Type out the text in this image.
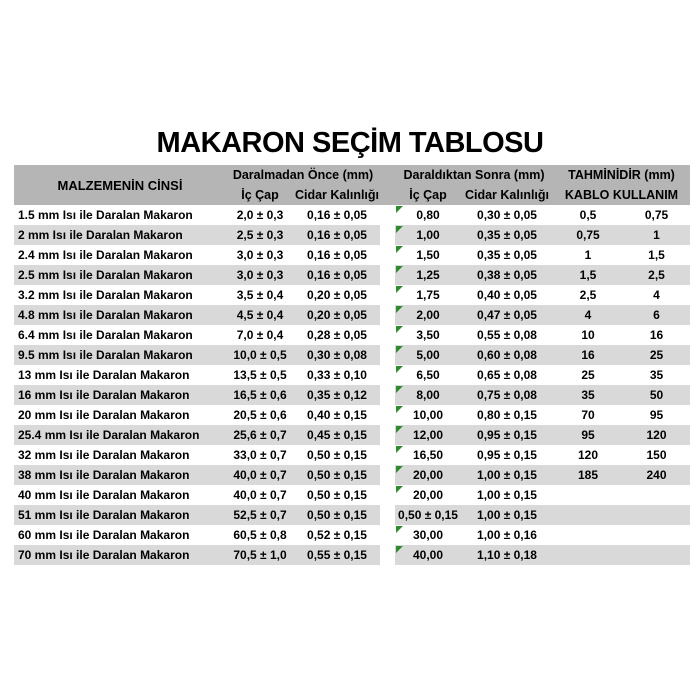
MAKARON SEÇİM TABLOSU
MALZEMENİN CİNSİ
Daralmadan Önce (mm)	Daraldıktan Sonra (mm)	TAHMİNİDİR (mm)
İç Çap	Cidar Kalınlığı	İç Çap	Cidar Kalınlığı	KABLO KULLANIM
1.5 mm Isı ile Daralan Makaron	2,0 ± 0,3	0,16 ± 0,05	0,80	0,30 ± 0,05	0,5	0,75
2 mm Isı ile Daralan Makaron	2,5 ± 0,3	0,16 ± 0,05	1,00	0,35 ± 0,05	0,75	1
2.4 mm Isı ile Daralan Makaron	3,0 ± 0,3	0,16 ± 0,05	1,50	0,35 ± 0,05	1	1,5
2.5 mm Isı ile Daralan Makaron	3,0 ± 0,3	0,16 ± 0,05	1,25	0,38 ± 0,05	1,5	2,5
3.2 mm Isı ile Daralan Makaron	3,5 ± 0,4	0,20 ± 0,05	1,75	0,40 ± 0,05	2,5	4
4.8 mm Isı ile Daralan Makaron	4,5 ± 0,4	0,20 ± 0,05	2,00	0,47 ± 0,05	4	6
6.4 mm Isı ile Daralan Makaron	7,0 ± 0,4	0,28 ± 0,05	3,50	0,55 ± 0,08	10	16
9.5 mm Isı ile Daralan Makaron	10,0 ± 0,5	0,30 ± 0,08	5,00	0,60 ± 0,08	16	25
13 mm Isı ile Daralan Makaron	13,5 ± 0,5	0,33 ± 0,10	6,50	0,65 ± 0,08	25	35
16 mm Isı ile Daralan Makaron	16,5 ± 0,6	0,35 ± 0,12	8,00	0,75 ± 0,08	35	50
20 mm Isı ile Daralan Makaron	20,5 ± 0,6	0,40 ± 0,15	10,00	0,80 ± 0,15	70	95
25.4 mm Isı ile Daralan Makaron	25,6 ± 0,7	0,45 ± 0,15	12,00	0,95 ± 0,15	95	120
32 mm Isı ile Daralan Makaron	33,0 ± 0,7	0,50 ± 0,15	16,50	0,95 ± 0,15	120	150
38 mm Isı ile Daralan Makaron	40,0 ± 0,7	0,50 ± 0,15	20,00	1,00 ± 0,15	185	240
40 mm Isı ile Daralan Makaron	40,0 ± 0,7	0,50 ± 0,15	20,00	1,00 ± 0,15
51 mm Isı ile Daralan Makaron	52,5 ± 0,7	0,50 ± 0,15	0,50 ± 0,15	1,00 ± 0,15
60 mm Isı ile Daralan Makaron	60,5 ± 0,8	0,52 ± 0,15	30,00	1,00 ± 0,16
70 mm Isı ile Daralan Makaron	70,5 ± 1,0	0,55 ± 0,15	40,00	1,10 ± 0,18
